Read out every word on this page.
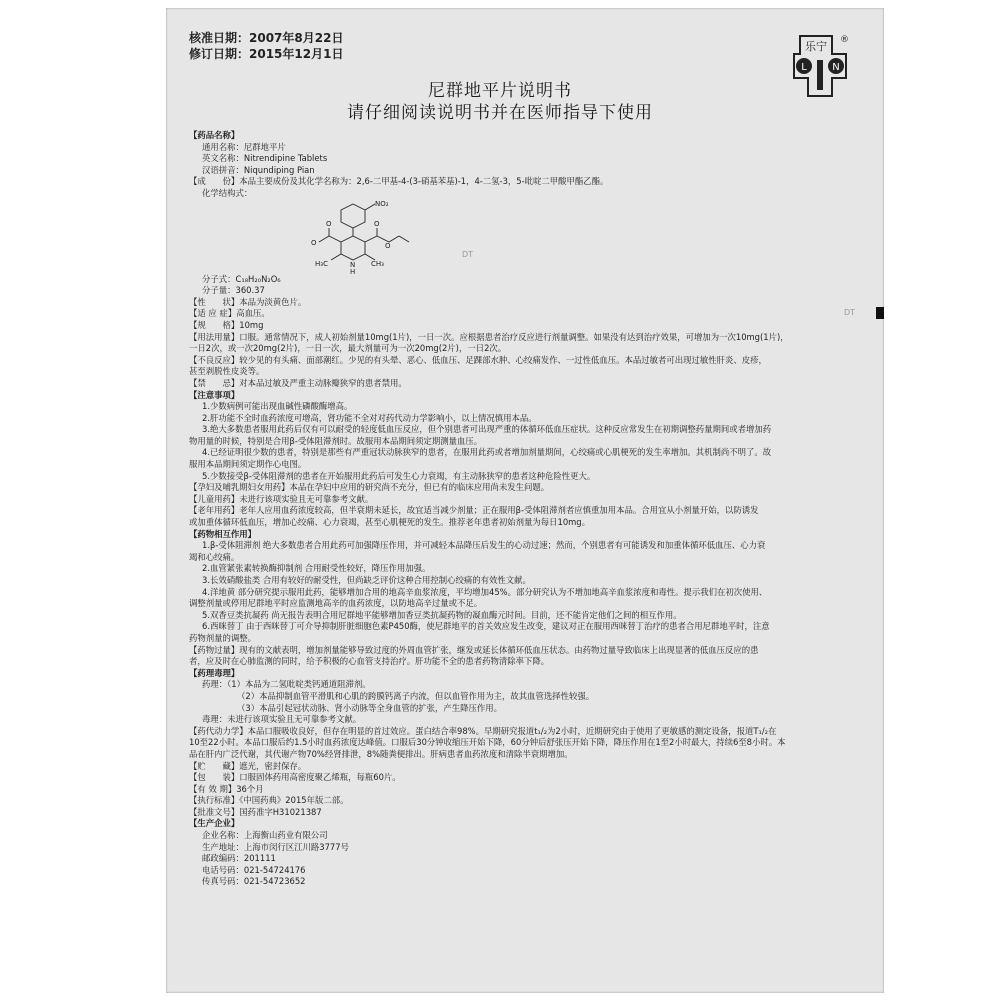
核准日期：2007年8月22日
修订日期：2015年12月1日
乐宁 ®
L	N
尼群地平片说明书
请仔细阅读说明书并在医师指导下使用
DT
DT
【药品名称】
通用名称：尼群地平片
英文名称：Nitrendipine Tablets
汉语拼音：Niqundiping Pian
【成　　份】本品主要成份及其化学名称为：2,6-二甲基-4-(3-硝基苯基)-1，4-二氢-3，5-吡啶二甲酸甲酯乙酯。
化学结构式：
NO₂
O
O
O
O
H₃C	N CH₃
H
分子式：C₁₈H₂₀N₂O₆
分子量：360.37
【性　　状】本品为淡黄色片。
【适 应 症】高血压。
【规　　格】10mg
【用法用量】口服。通常情况下，成人初始剂量10mg(1片)，一日一次。应根据患者治疗反应进行剂量调整。如果没有达到治疗效果，可增加为一次10mg(1片)，
一日2次，或一次20mg(2片)，一日一次，最大剂量可为一次20mg(2片)，一日2次。
【不良反应】较少见的有头痛、面部潮红。少见的有头晕、恶心、低血压、足踝部水肿、心绞痛发作、一过性低血压。本品过敏者可出现过敏性肝炎、皮疹，
甚至剥脱性皮炎等。
【禁　　忌】对本品过敏及严重主动脉瓣狭窄的患者禁用。
【注意事项】
1.少数病例可能出现血碱性磷酸酶增高。
2.肝功能不全时血药浓度可增高，肾功能不全对对药代动力学影响小，以上情况慎用本品。
3.绝大多数患者服用此药后仅有可以耐受的轻度低血压反应，但个别患者可出现严重的体循环低血压症状。这种反应常发生在初期调整药量期间或者增加药
物用量的时候，特别是合用β-受体阻滞剂时。故服用本品期间须定期测量血压。
4.已经证明很少数的患者，特别是那些有严重冠状动脉狭窄的患者，在服用此药或者增加剂量期间，心绞痛或心肌梗死的发生率增加。其机制尚不明了。故
服用本品期间须定期作心电图。
5.少数接受β-受体阻滞剂的患者在开始服用此药后可发生心力衰竭，有主动脉狭窄的患者这种危险性更大。
【孕妇及哺乳期妇女用药】本品在孕妇中应用的研究尚不充分，但已有的临床应用尚未发生问题。
【儿童用药】未进行该项实验且无可靠参考文献。
【老年用药】老年人应用血药浓度较高，但半衰期未延长，故宜适当减少剂量；正在服用β-受体阻滞剂者应慎重加用本品。合用宜从小剂量开始，以防诱发
或加重体循环低血压，增加心绞痛、心力衰竭，甚至心肌梗死的发生。推荐老年患者初始剂量为每日10mg。
【药物相互作用】
1.β-受体阻滞剂 绝大多数患者合用此药可加强降压作用，并可减轻本品降压后发生的心动过速；然而，个别患者有可能诱发和加重体循环低血压、心力衰
竭和心绞痛。
2.血管紧张素转换酶抑制剂 合用耐受性较好，降压作用加强。
3.长效硝酸盐类 合用有较好的耐受性，但尚缺乏评价这种合用控制心绞痛的有效性文献。
4.洋地黄 部分研究提示服用此药，能够增加合用的地高辛血浆浓度，平均增加45%。部分研究认为不增加地高辛血浆浓度和毒性。提示我们在初次使用、
调整剂量或停用尼群地平时应监测地高辛的血药浓度，以防地高辛过量或不足。
5.双香豆类抗凝药 尚无报告表明合用尼群地平能够增加香豆类抗凝药物的凝血酶元时间。目前，还不能肯定他们之间的相互作用。
6.西咪替丁 由于西咪替丁可介导抑制肝脏细胞色素P450酶，使尼群地平的首关效应发生改变，建议对正在服用西咪替丁治疗的患者合用尼群地平时，注意
药物剂量的调整。
【药物过量】现有的文献表明，增加剂量能够导致过度的外周血管扩张，继发或延长体循环低血压状态。由药物过量导致临床上出现显著的低血压反应的患
者，应及时在心肺监测的同时，给予积极的心血管支持治疗。肝功能不全的患者药物清除率下降。
【药理毒理】
药理：（1）本品为二氢吡啶类钙通道阻滞剂。
（2）本品抑制血管平滑肌和心肌的跨膜钙离子内流，但以血管作用为主，故其血管选择性较强。
（3）本品引起冠状动脉、肾小动脉等全身血管的扩张，产生降压作用。
毒理：未进行该项实验且无可靠参考文献。
【药代动力学】本品口服吸收良好，但存在明显的首过效应。蛋白结合率98%。早期研究报道t₁/₂为2小时，近期研究由于使用了更敏感的测定设备，报道T₁/₂在
10至22小时。本品口服后约1.5小时血药浓度达峰值。口服后30分钟收缩压开始下降，60分钟后舒张压开始下降，降压作用在1至2小时最大，持续6至8小时。本
品在肝内广泛代谢，其代谢产物70%经肾排泄，8%随粪便排出。肝病患者血药浓度和清除半衰期增加。
【贮　　藏】遮光，密封保存。
【包　　装】口服固体药用高密度聚乙烯瓶，每瓶60片。
【有 效 期】36个月
【执行标准】《中国药典》2015年版二部。
【批准文号】国药准字H31021387
【生产企业】
企业名称：上海衡山药业有限公司
生产地址：上海市闵行区江川路3777号
邮政编码：201111
电话号码：021-54724176
传真号码：021-54723652
